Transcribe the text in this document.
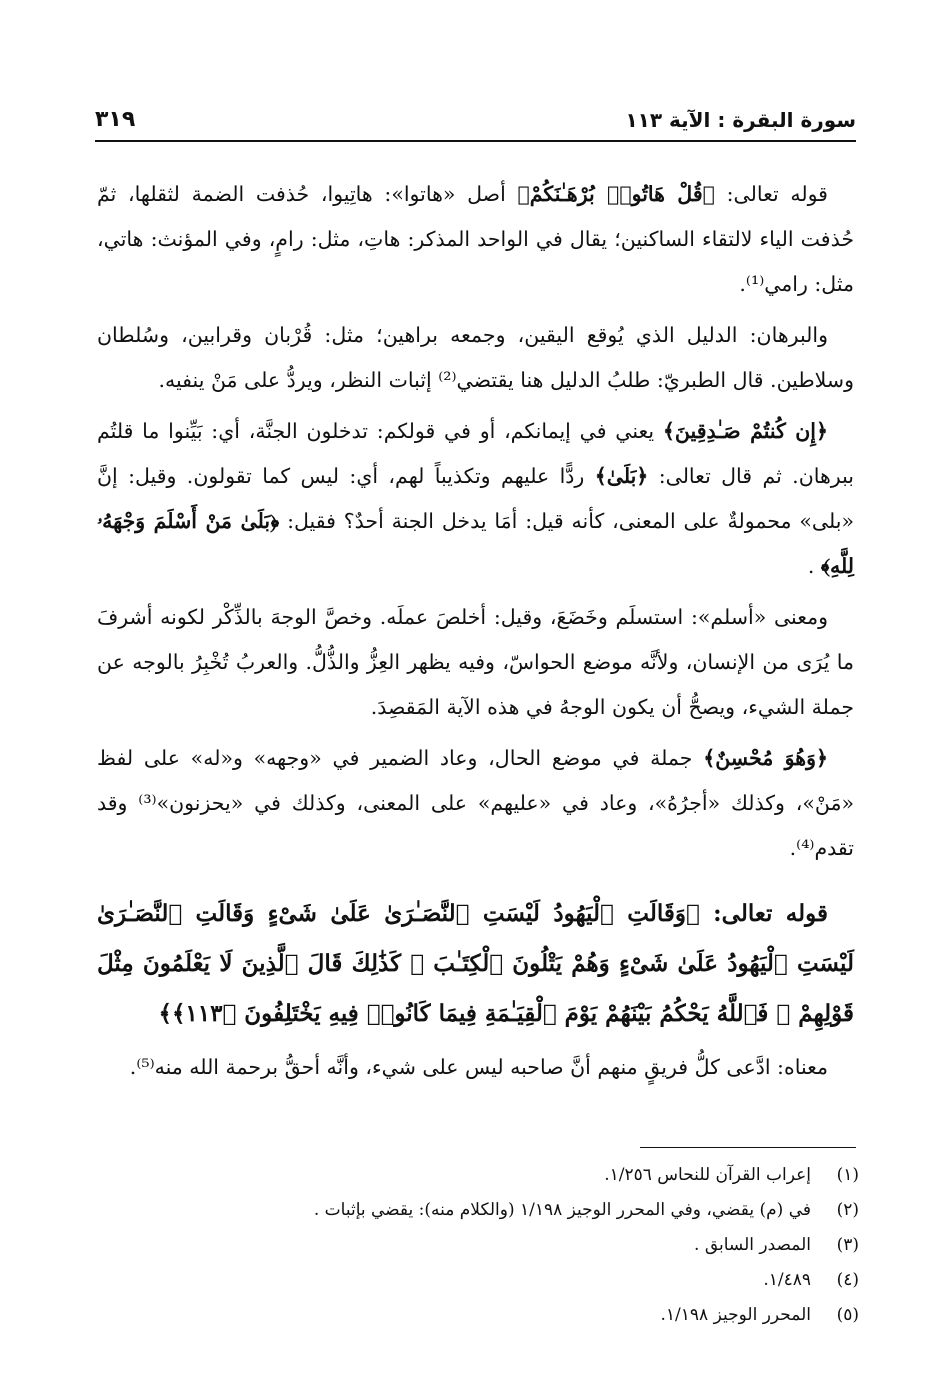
٣١٩	سورة البقرة : الآية ١١٣

قوله تعالى: ﴿قُلْ هَاتُوا۟ بُرْهَـٰنَكُمْ﴾ أصل «هاتوا»: هاتِيوا، حُذفت الضمة لثقلها، ثمّ حُذفت الياء لالتقاء الساكنين؛ يقال في الواحد المذكر: هاتِ، مثل: رامٍ، وفي المؤنث: هاتي، مثل: رامي⁽¹⁾.

والبرهان: الدليل الذي يُوقع اليقين، وجمعه براهين؛ مثل: قُرْبان وقرابين، وسُلطان وسلاطين. قال الطبريّ: طلبُ الدليل هنا يقتضي⁽²⁾ إثبات النظر، ويردُّ على مَنْ ينفيه.

﴿إِن كُنتُمْ صَـٰدِقِينَ﴾ يعني في إيمانكم، أو في قولكم: تدخلون الجنَّة، أي: بَيِّنوا ما قلتُم ببرهان. ثم قال تعالى: ﴿بَلَىٰ﴾ ردًّا عليهم وتكذيباً لهم، أي: ليس كما تقولون. وقيل: إنَّ «بلى» محمولةٌ على المعنى، كأنه قيل: أمَا يدخل الجنة أحدٌ؟ فقيل: ﴿بَلَىٰ مَنْ أَسْلَمَ وَجْهَهُۥ لِلَّهِ﴾ .

ومعنى «أسلم»: استسلَم وخَضَعَ، وقيل: أخلصَ عملَه. وخصَّ الوجهَ بالذِّكْر لكونه أشرفَ ما يُرَى من الإنسان، ولأنَّه موضع الحواسّ، وفيه يظهر العِزُّ والذُّلُّ. والعربُ تُخْبِرُ بالوجه عن جملة الشيء، ويصحُّ أن يكون الوجهُ في هذه الآية المَقصِدَ.

﴿وَهُوَ مُحْسِنٌ﴾ جملة في موضع الحال، وعاد الضمير في «وجهه» و«له» على لفظ «مَنْ»، وكذلك «أجرُهُ»، وعاد في «عليهم» على المعنى، وكذلك في «يحزنون»⁽³⁾ وقد تقدم⁽⁴⁾.

قوله تعالى: ﴿وَقَالَتِ ٱلْيَهُودُ لَيْسَتِ ٱلنَّصَـٰرَىٰ عَلَىٰ شَىْءٍ وَقَالَتِ ٱلنَّصَـٰرَىٰ لَيْسَتِ ٱلْيَهُودُ عَلَىٰ شَىْءٍ وَهُمْ يَتْلُونَ ٱلْكِتَـٰبَ ۗ كَذَٰلِكَ قَالَ ٱلَّذِينَ لَا يَعْلَمُونَ مِثْلَ قَوْلِهِمْ ۚ فَٱللَّهُ يَحْكُمُ بَيْنَهُمْ يَوْمَ ٱلْقِيَـٰمَةِ فِيمَا كَانُوا۟ فِيهِ يَخْتَلِفُونَ ﴿١١٣﴾﴾

معناه: ادَّعى كلُّ فريقٍ منهم أنَّ صاحبه ليس على شيء، وأنَّه أحقُّ برحمة الله منه⁽⁵⁾.

(١)
إعراب القرآن للنحاس ١/٢٥٦.
(٢)
في (م) يقضي، وفي المحرر الوجيز ١/١٩٨ (والكلام منه): يقضي بإثبات .
(٣)
المصدر السابق .
(٤)
١/٤٨٩.
(٥)
المحرر الوجيز ١/١٩٨.
